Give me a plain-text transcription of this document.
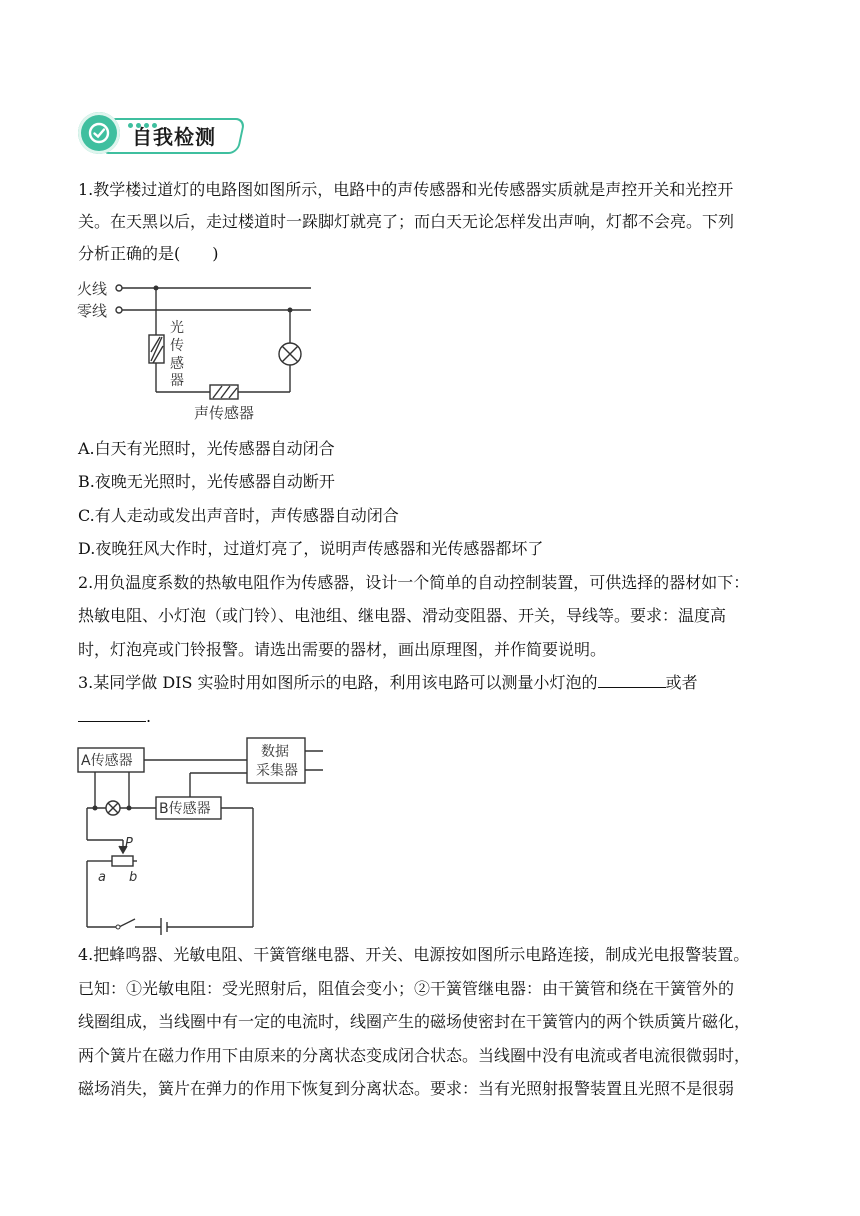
自我检测
1.教学楼过道灯的电路图如图所示，电路中的声传感器和光传感器实质就是声控开关和光控开
关。在天黑以后，走过楼道时一跺脚灯就亮了；而白天无论怎样发出声响，灯都不会亮。下列
分析正确的是(　　)
火线
零线
光
传
感
器
声传感器
A.白天有光照时，光传感器自动闭合
B.夜晚无光照时，光传感器自动断开
C.有人走动或发出声音时，声传感器自动闭合
D.夜晚狂风大作时，过道灯亮了，说明声传感器和光传感器都坏了
2.用负温度系数的热敏电阻作为传感器，设计一个简单的自动控制装置，可供选择的器材如下：
热敏电阻、小灯泡（或门铃）、电池组、继电器、滑动变阻器、开关，导线等。要求：温度高
时，灯泡亮或门铃报警。请选出需要的器材，画出原理图，并作简要说明。
3.某同学做 DIS 实验时用如图所示的电路，利用该电路可以测量小灯泡的	或者
.
A传感器
B传感器
数据
采集器
P
a b
4.把蜂鸣器、光敏电阻、干簧管继电器、开关、电源按如图所示电路连接，制成光电报警装置。
已知：①光敏电阻：受光照射后，阻值会变小；②干簧管继电器：由干簧管和绕在干簧管外的
线圈组成，当线圈中有一定的电流时，线圈产生的磁场使密封在干簧管内的两个铁质簧片磁化，
两个簧片在磁力作用下由原来的分离状态变成闭合状态。当线圈中没有电流或者电流很微弱时，
磁场消失，簧片在弹力的作用下恢复到分离状态。要求：当有光照射报警装置且光照不是很弱
